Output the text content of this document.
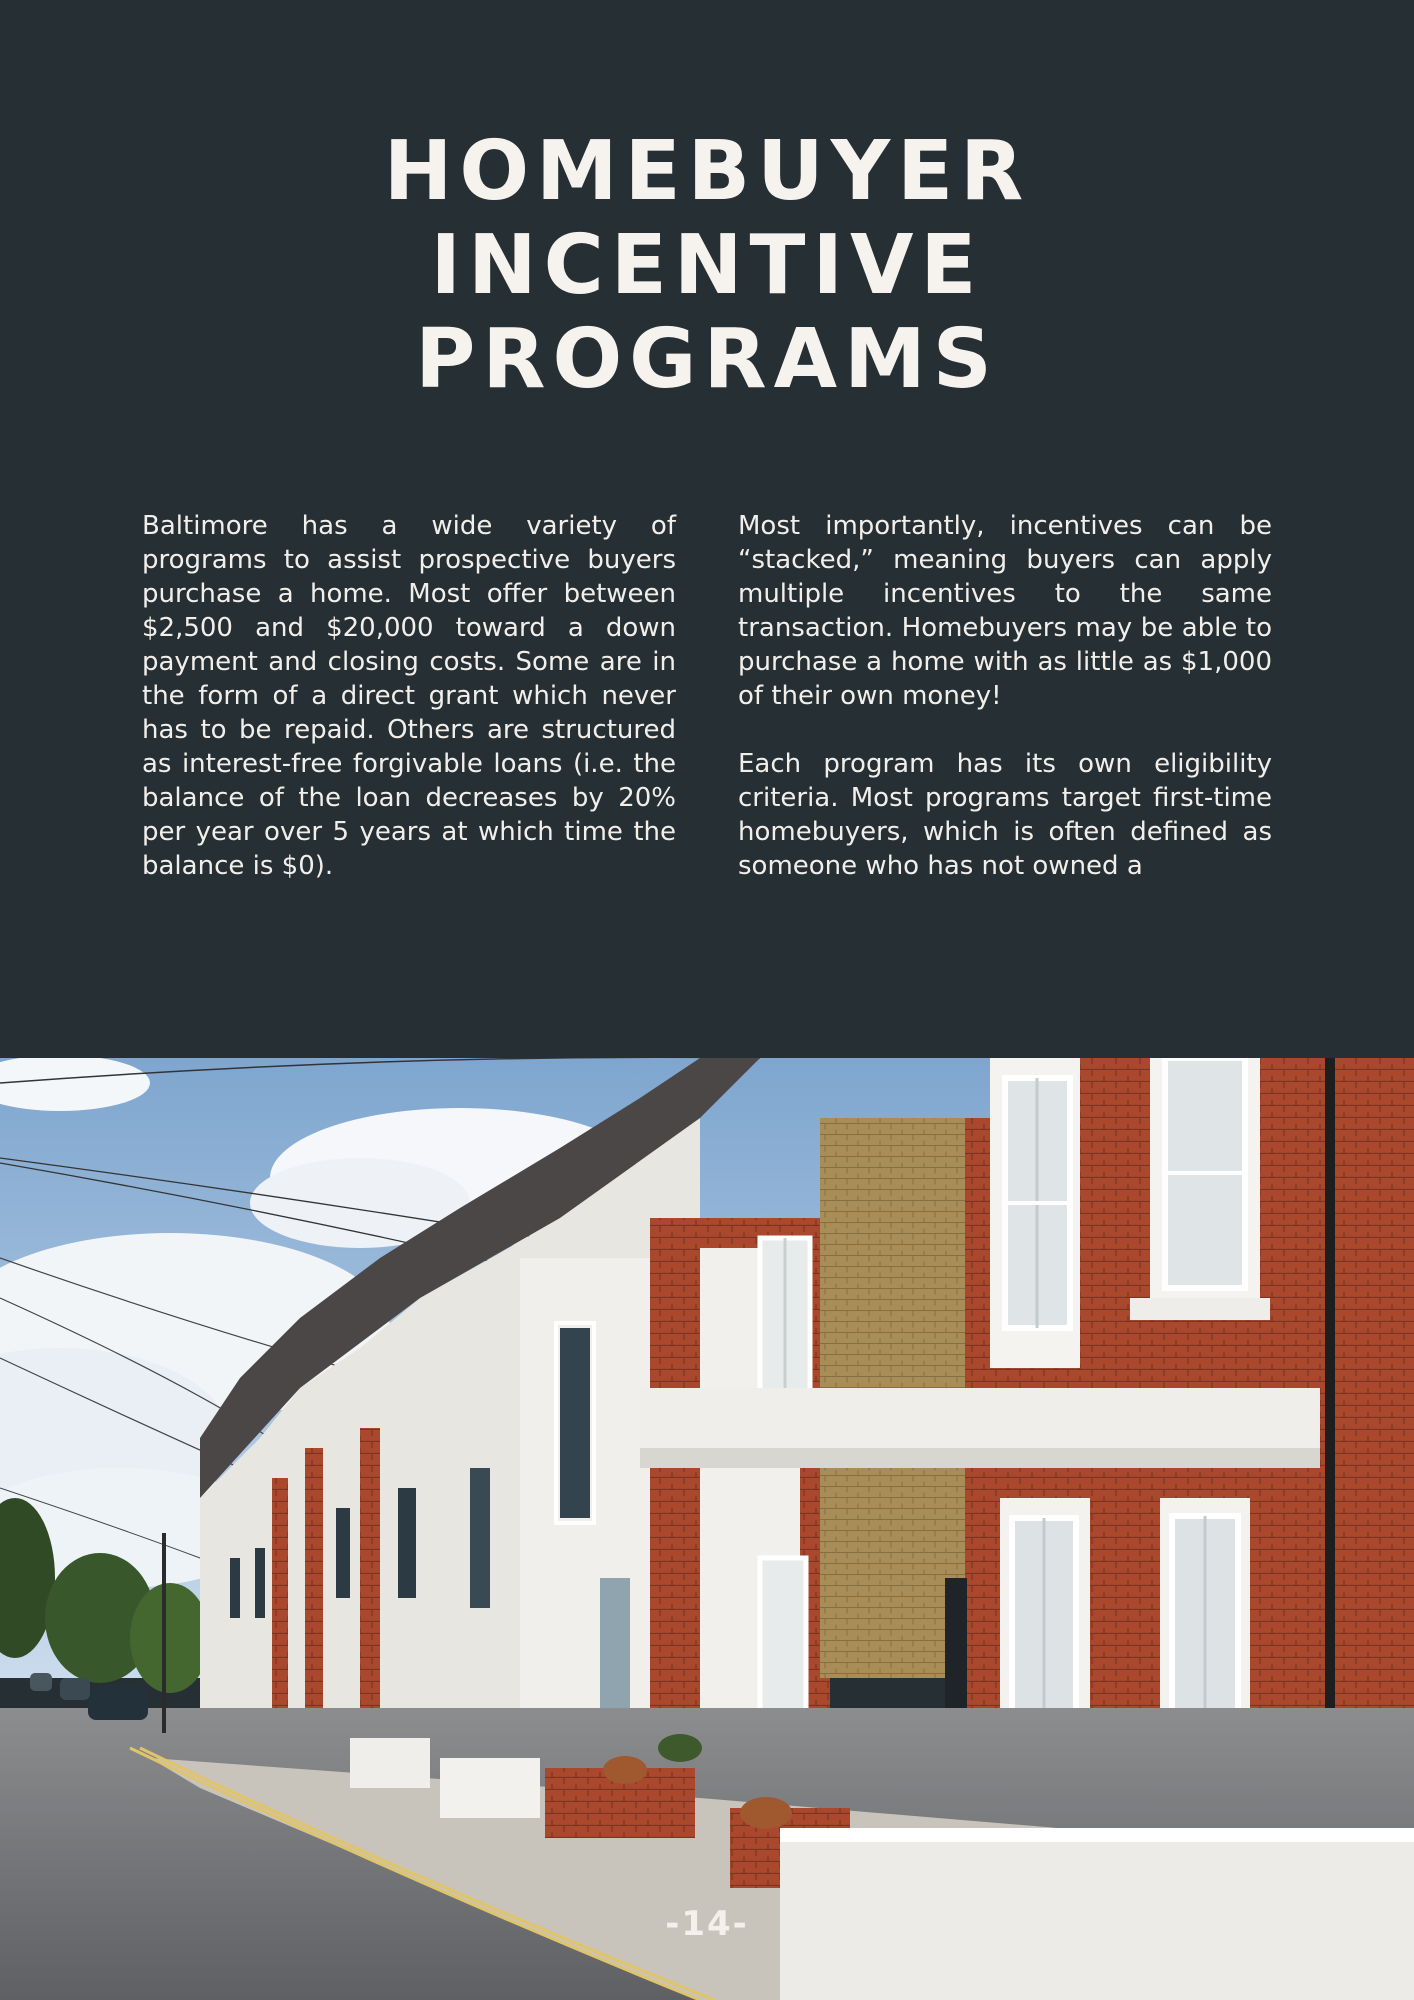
HOMEBUYER
INCENTIVE
PROGRAMS

Baltimore has a wide variety of programs to assist prospective buyers purchase a home. Most offer between $2,500 and $20,000 toward a down payment and closing costs. Some are in the form of a direct grant which never has to be repaid. Others are structured as interest-free forgivable loans (i.e. the balance of the loan decreases by 20% per year over 5 years at which time the balance is $0).

Most importantly, incentives can be “stacked,” meaning buyers can apply multiple incentives to the same transaction. Homebuyers may be able to purchase a home with as little as $1,000 of their own money!

Each program has its own eligibility criteria. Most programs target first-time homebuyers, which is often defined as someone who has not owned a

-14-
